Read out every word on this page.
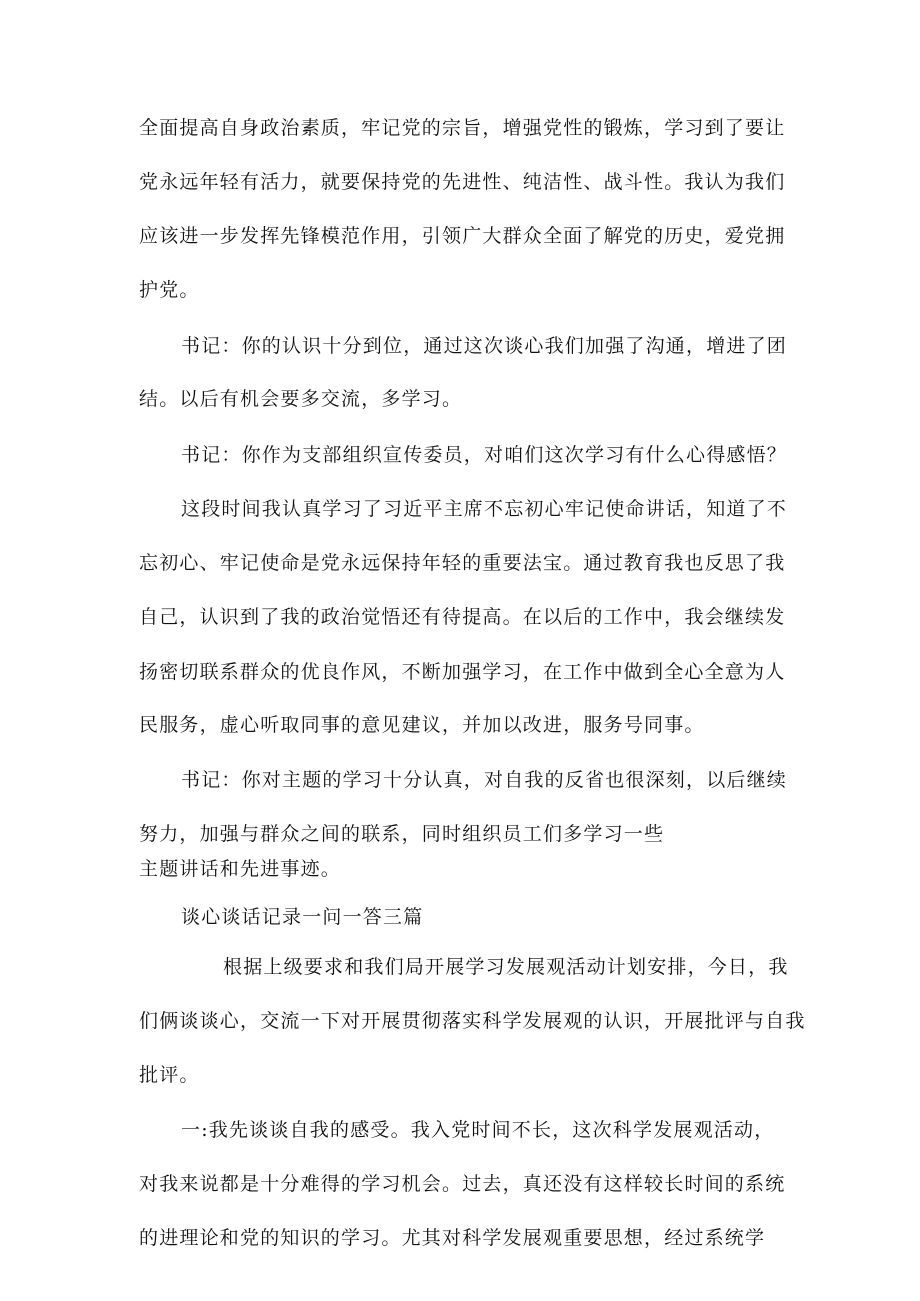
全面提高自身政治素质，牢记党的宗旨，增强党性的锻炼，学习到了要让

党永远年轻有活力，就要保持党的先进性、纯洁性、战斗性。我认为我们

应该进一步发挥先锋模范作用，引领广大群众全面了解党的历史，爱党拥

护党。

书记：你的认识十分到位，通过这次谈心我们加强了沟通，增进了团

结。以后有机会要多交流，多学习。

书记：你作为支部组织宣传委员，对咱们这次学习有什么心得感悟？

这段时间我认真学习了习近平主席不忘初心牢记使命讲话，知道了不

忘初心、牢记使命是党永远保持年轻的重要法宝。通过教育我也反思了我

自己，认识到了我的政治觉悟还有待提高。在以后的工作中，我会继续发

扬密切联系群众的优良作风，不断加强学习，在工作中做到全心全意为人

民服务，虚心听取同事的意见建议，并加以改进，服务号同事。

书记：你对主题的学习十分认真，对自我的反省也很深刻，以后继续

努力，加强与群众之间的联系，同时组织员工们多学习一些

主题讲话和先进事迹。

谈心谈话记录一问一答三篇

根据上级要求和我们局开展学习发展观活动计划安排，今日，我

们俩谈谈心，交流一下对开展贯彻落实科学发展观的认识，开展批评与自我

批评。

一:我先谈谈自我的感受。我入党时间不长，这次科学发展观活动，

对我来说都是十分难得的学习机会。过去，真还没有这样较长时间的系统

的进理论和党的知识的学习。尤其对科学发展观重要思想，经过系统学
